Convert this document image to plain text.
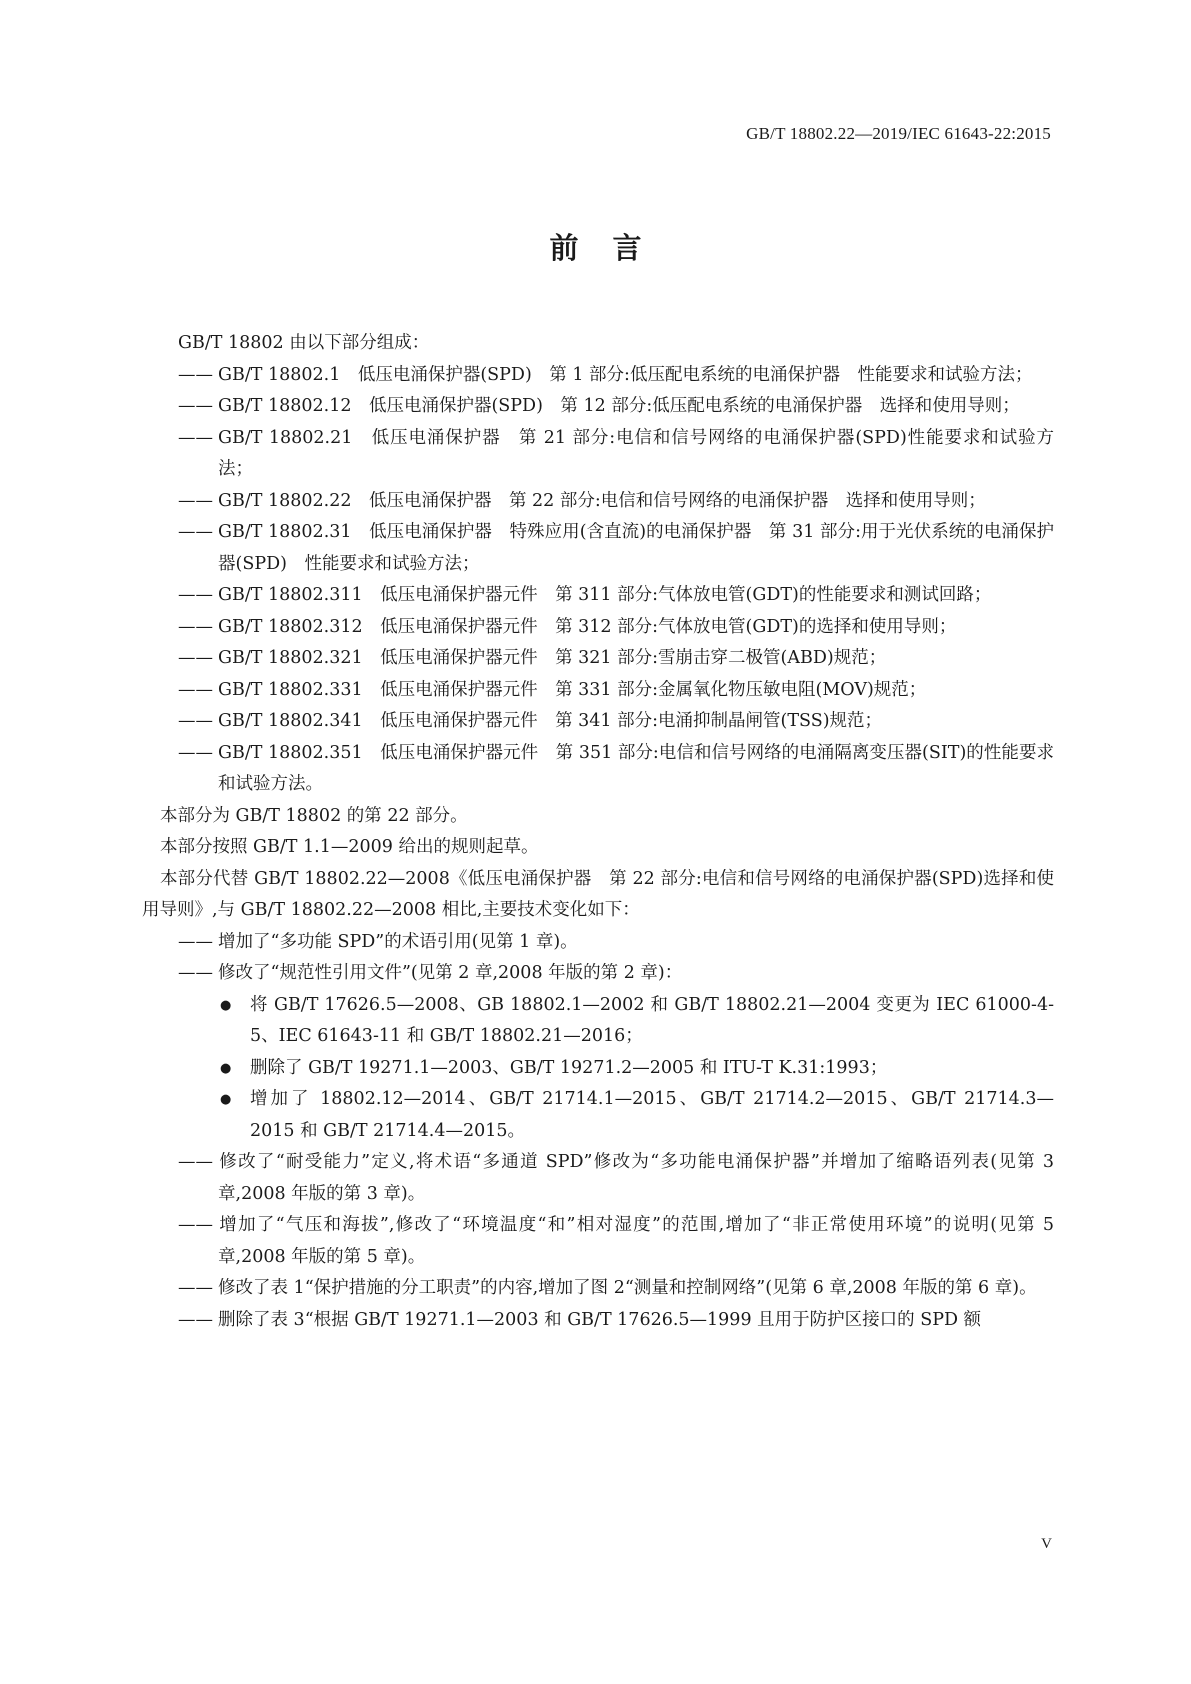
GB/T 18802.22—2019/IEC 61643-22:2015
前言
GB/T 18802 由以下部分组成：
—— GB/T 18802.1　低压电涌保护器(SPD)　第 1 部分:低压配电系统的电涌保护器　性能要求和试验方法；
—— GB/T 18802.12　低压电涌保护器(SPD)　第 12 部分:低压配电系统的电涌保护器　选择和使用导则；
—— GB/T 18802.21　低压电涌保护器　第 21 部分:电信和信号网络的电涌保护器(SPD)性能要求和试验方法；
—— GB/T 18802.22　低压电涌保护器　第 22 部分:电信和信号网络的电涌保护器　选择和使用导则；
—— GB/T 18802.31　低压电涌保护器　特殊应用(含直流)的电涌保护器　第 31 部分:用于光伏系统的电涌保护器(SPD)　性能要求和试验方法；
—— GB/T 18802.311　低压电涌保护器元件　第 311 部分:气体放电管(GDT)的性能要求和测试回路；
—— GB/T 18802.312　低压电涌保护器元件　第 312 部分:气体放电管(GDT)的选择和使用导则；
—— GB/T 18802.321　低压电涌保护器元件　第 321 部分:雪崩击穿二极管(ABD)规范；
—— GB/T 18802.331　低压电涌保护器元件　第 331 部分:金属氧化物压敏电阻(MOV)规范；
—— GB/T 18802.341　低压电涌保护器元件　第 341 部分:电涌抑制晶闸管(TSS)规范；
—— GB/T 18802.351　低压电涌保护器元件　第 351 部分:电信和信号网络的电涌隔离变压器(SIT)的性能要求和试验方法。
本部分为 GB/T 18802 的第 22 部分。
本部分按照 GB/T 1.1—2009 给出的规则起草。
本部分代替 GB/T 18802.22—2008《低压电涌保护器　第 22 部分:电信和信号网络的电涌保护器(SPD)选择和使用导则》,与 GB/T 18802.22—2008 相比,主要技术变化如下：
—— 增加了“多功能 SPD”的术语引用(见第 1 章)。
—— 修改了“规范性引用文件”(见第 2 章,2008 年版的第 2 章)：
● 将 GB/T 17626.5—2008、GB 18802.1—2002 和 GB/T 18802.21—2004 变更为 IEC 61000-4-5、IEC 61643-11 和 GB/T 18802.21—2016；
● 删除了 GB/T 19271.1—2003、GB/T 19271.2—2005 和 ITU-T K.31:1993；
● 增加了 18802.12—2014、GB/T 21714.1—2015、GB/T 21714.2—2015、GB/T 21714.3—2015 和 GB/T 21714.4—2015。
—— 修改了“耐受能力”定义,将术语“多通道 SPD”修改为“多功能电涌保护器”并增加了缩略语列表(见第 3 章,2008 年版的第 3 章)。
—— 增加了“气压和海拔”,修改了“环境温度“和”相对湿度”的范围,增加了“非正常使用环境”的说明(见第 5 章,2008 年版的第 5 章)。
—— 修改了表 1“保护措施的分工职责”的内容,增加了图 2“测量和控制网络”(见第 6 章,2008 年版的第 6 章)。
—— 删除了表 3“根据 GB/T 19271.1—2003 和 GB/T 17626.5—1999 且用于防护区接口的 SPD 额
V
